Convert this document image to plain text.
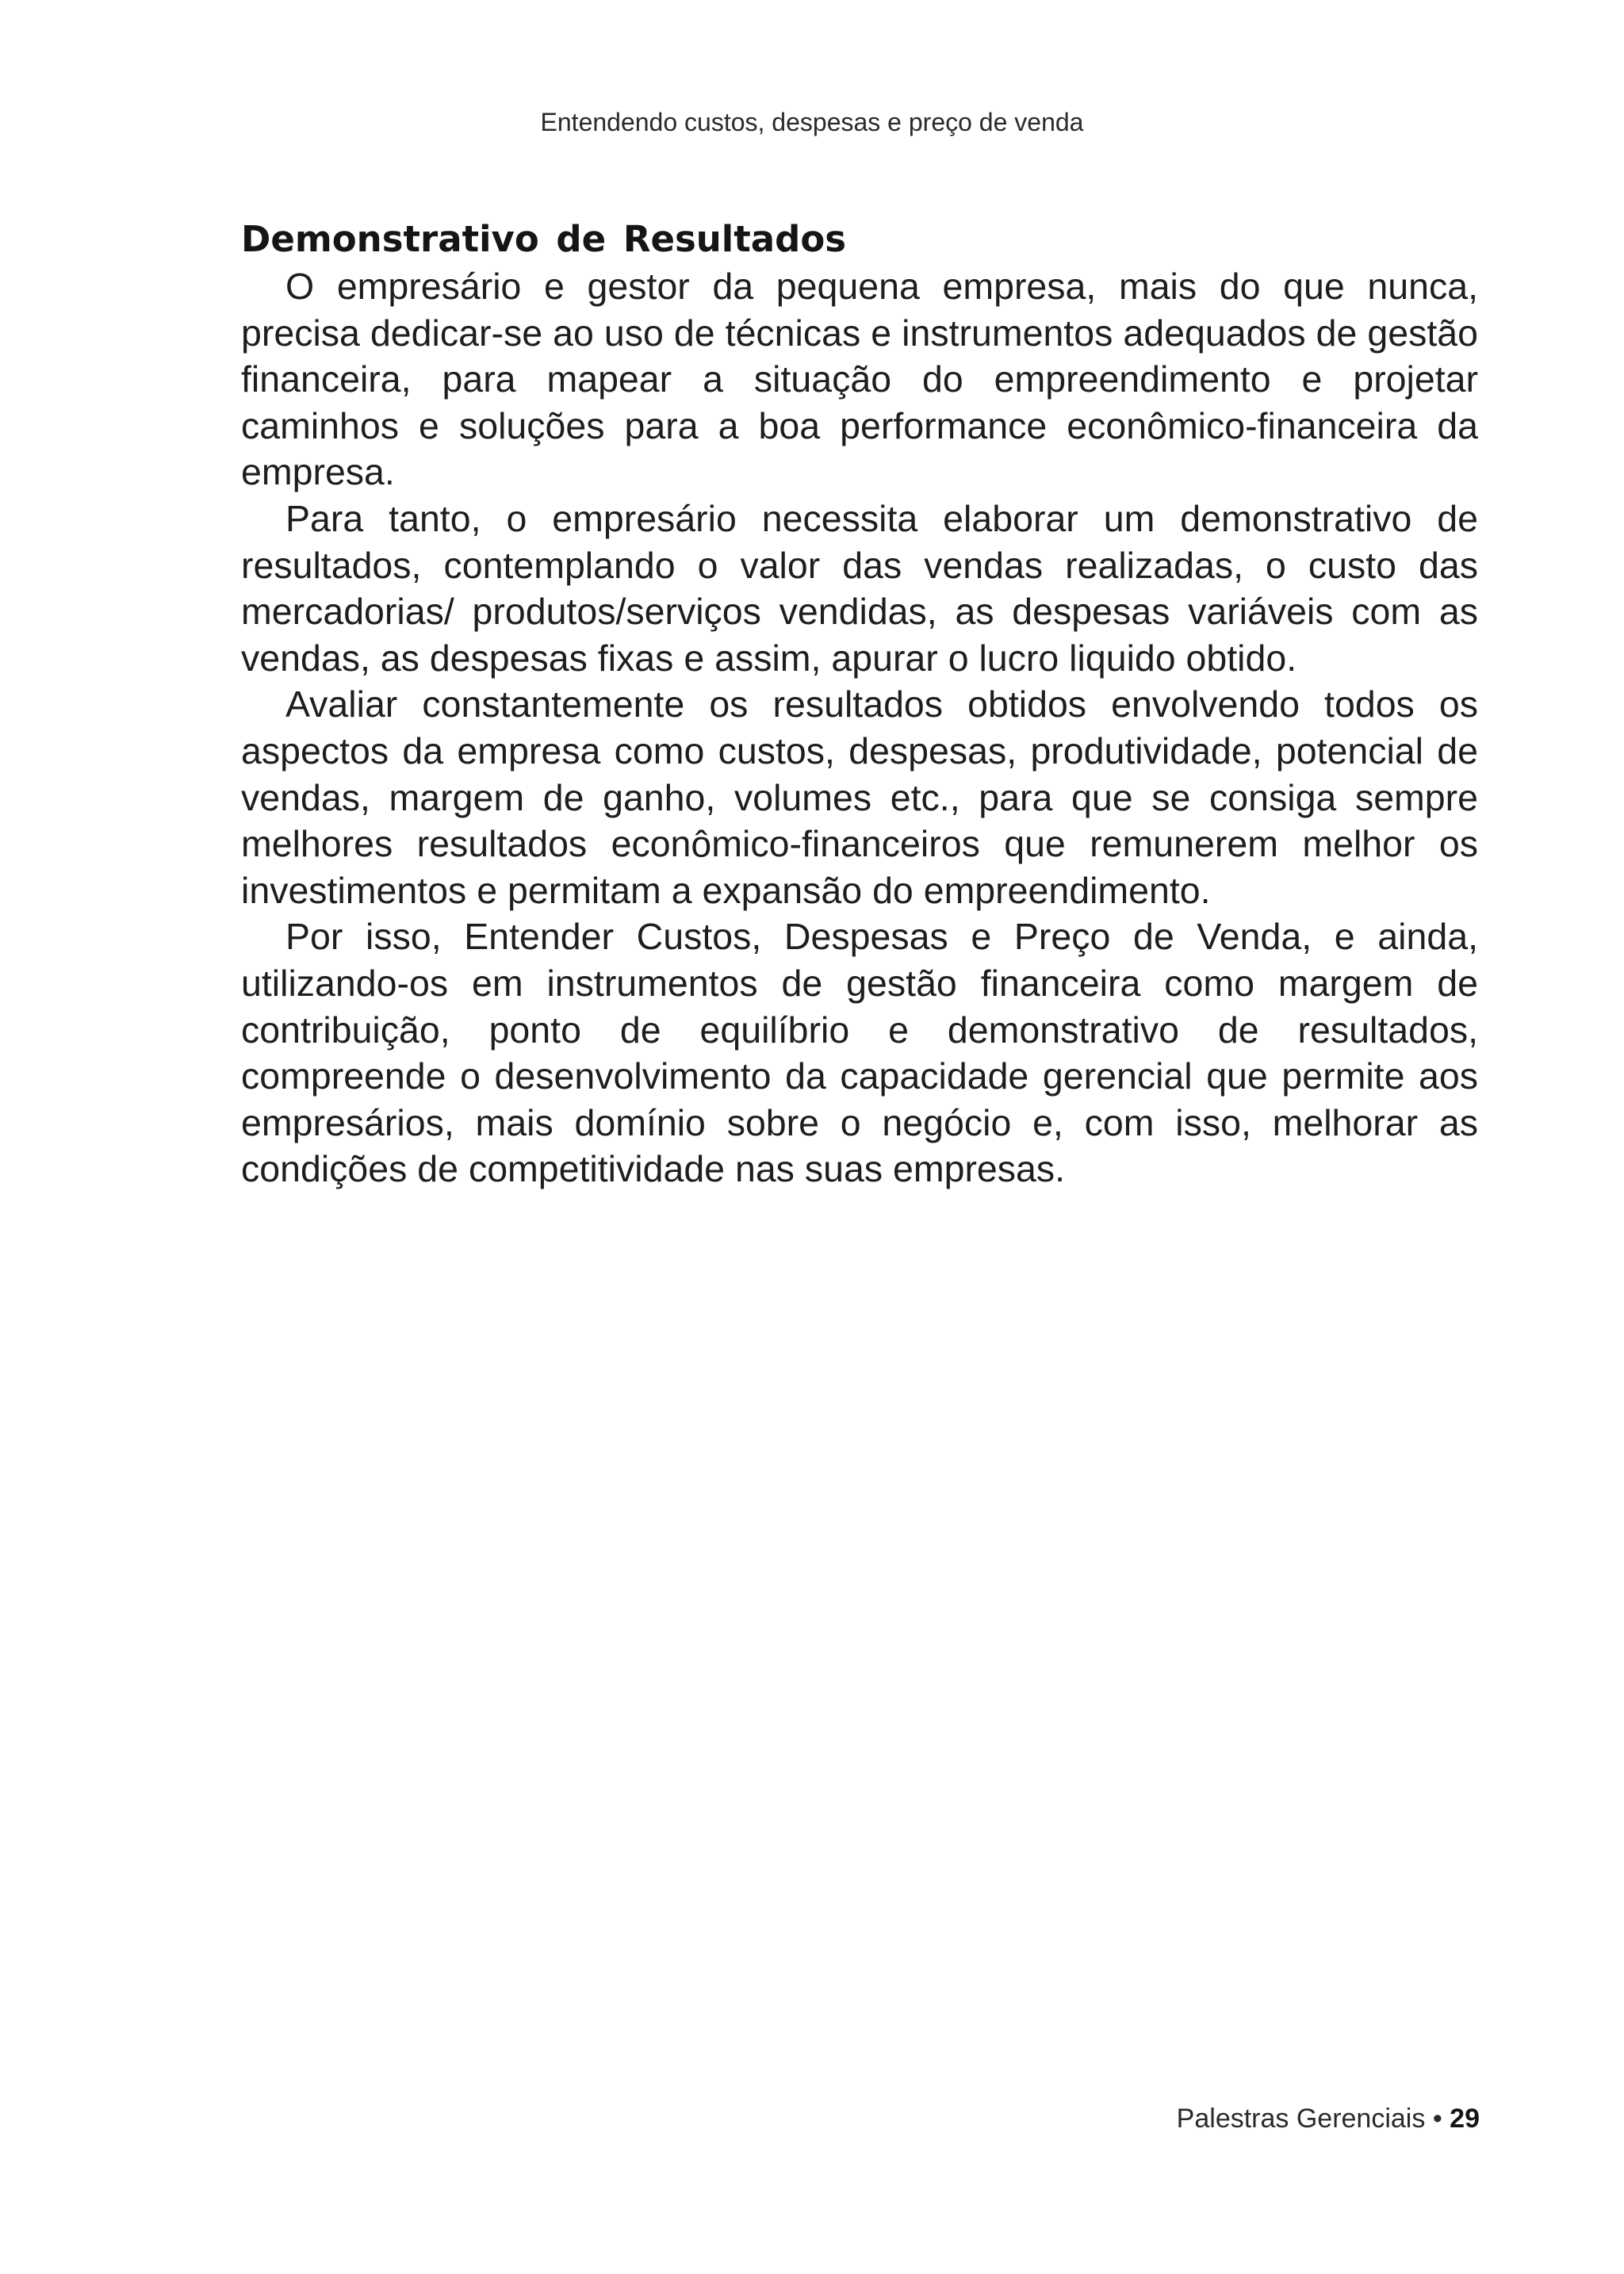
Entendendo custos, despesas e preço de venda
Demonstrativo de Resultados

O empresário e gestor da pequena empresa, mais do que nunca, precisa dedicar-se ao uso de técnicas e instrumentos adequados de gestão financeira, para mapear a situação do empreendimento e projetar caminhos e soluções para a boa performance econômico-financeira da empresa.

Para tanto, o empresário necessita elaborar um demonstrativo de resultados, contemplando o valor das vendas realizadas, o custo das mercadorias/ produtos/serviços vendidas, as despesas variáveis com as vendas, as despesas fixas e assim, apurar o lucro liquido obtido.

Avaliar constantemente os resultados obtidos envolvendo todos os aspectos da empresa como custos, despesas, produtividade, potencial de vendas, margem de ganho, volumes etc., para que se consiga sempre melhores resultados econômico-financeiros que remunerem melhor os investimentos e permitam a expansão do empreendimento.

Por isso, Entender Custos, Despesas e Preço de Venda, e ainda, utilizando-os em instrumentos de gestão financeira como margem de contribuição, ponto de equilíbrio e demonstrativo de resultados, compreende o desenvolvimento da capacidade gerencial que permite aos empresários, mais domínio sobre o negócio e, com isso, melhorar as condições de competitividade nas suas empresas.

Palestras Gerenciais • 29
